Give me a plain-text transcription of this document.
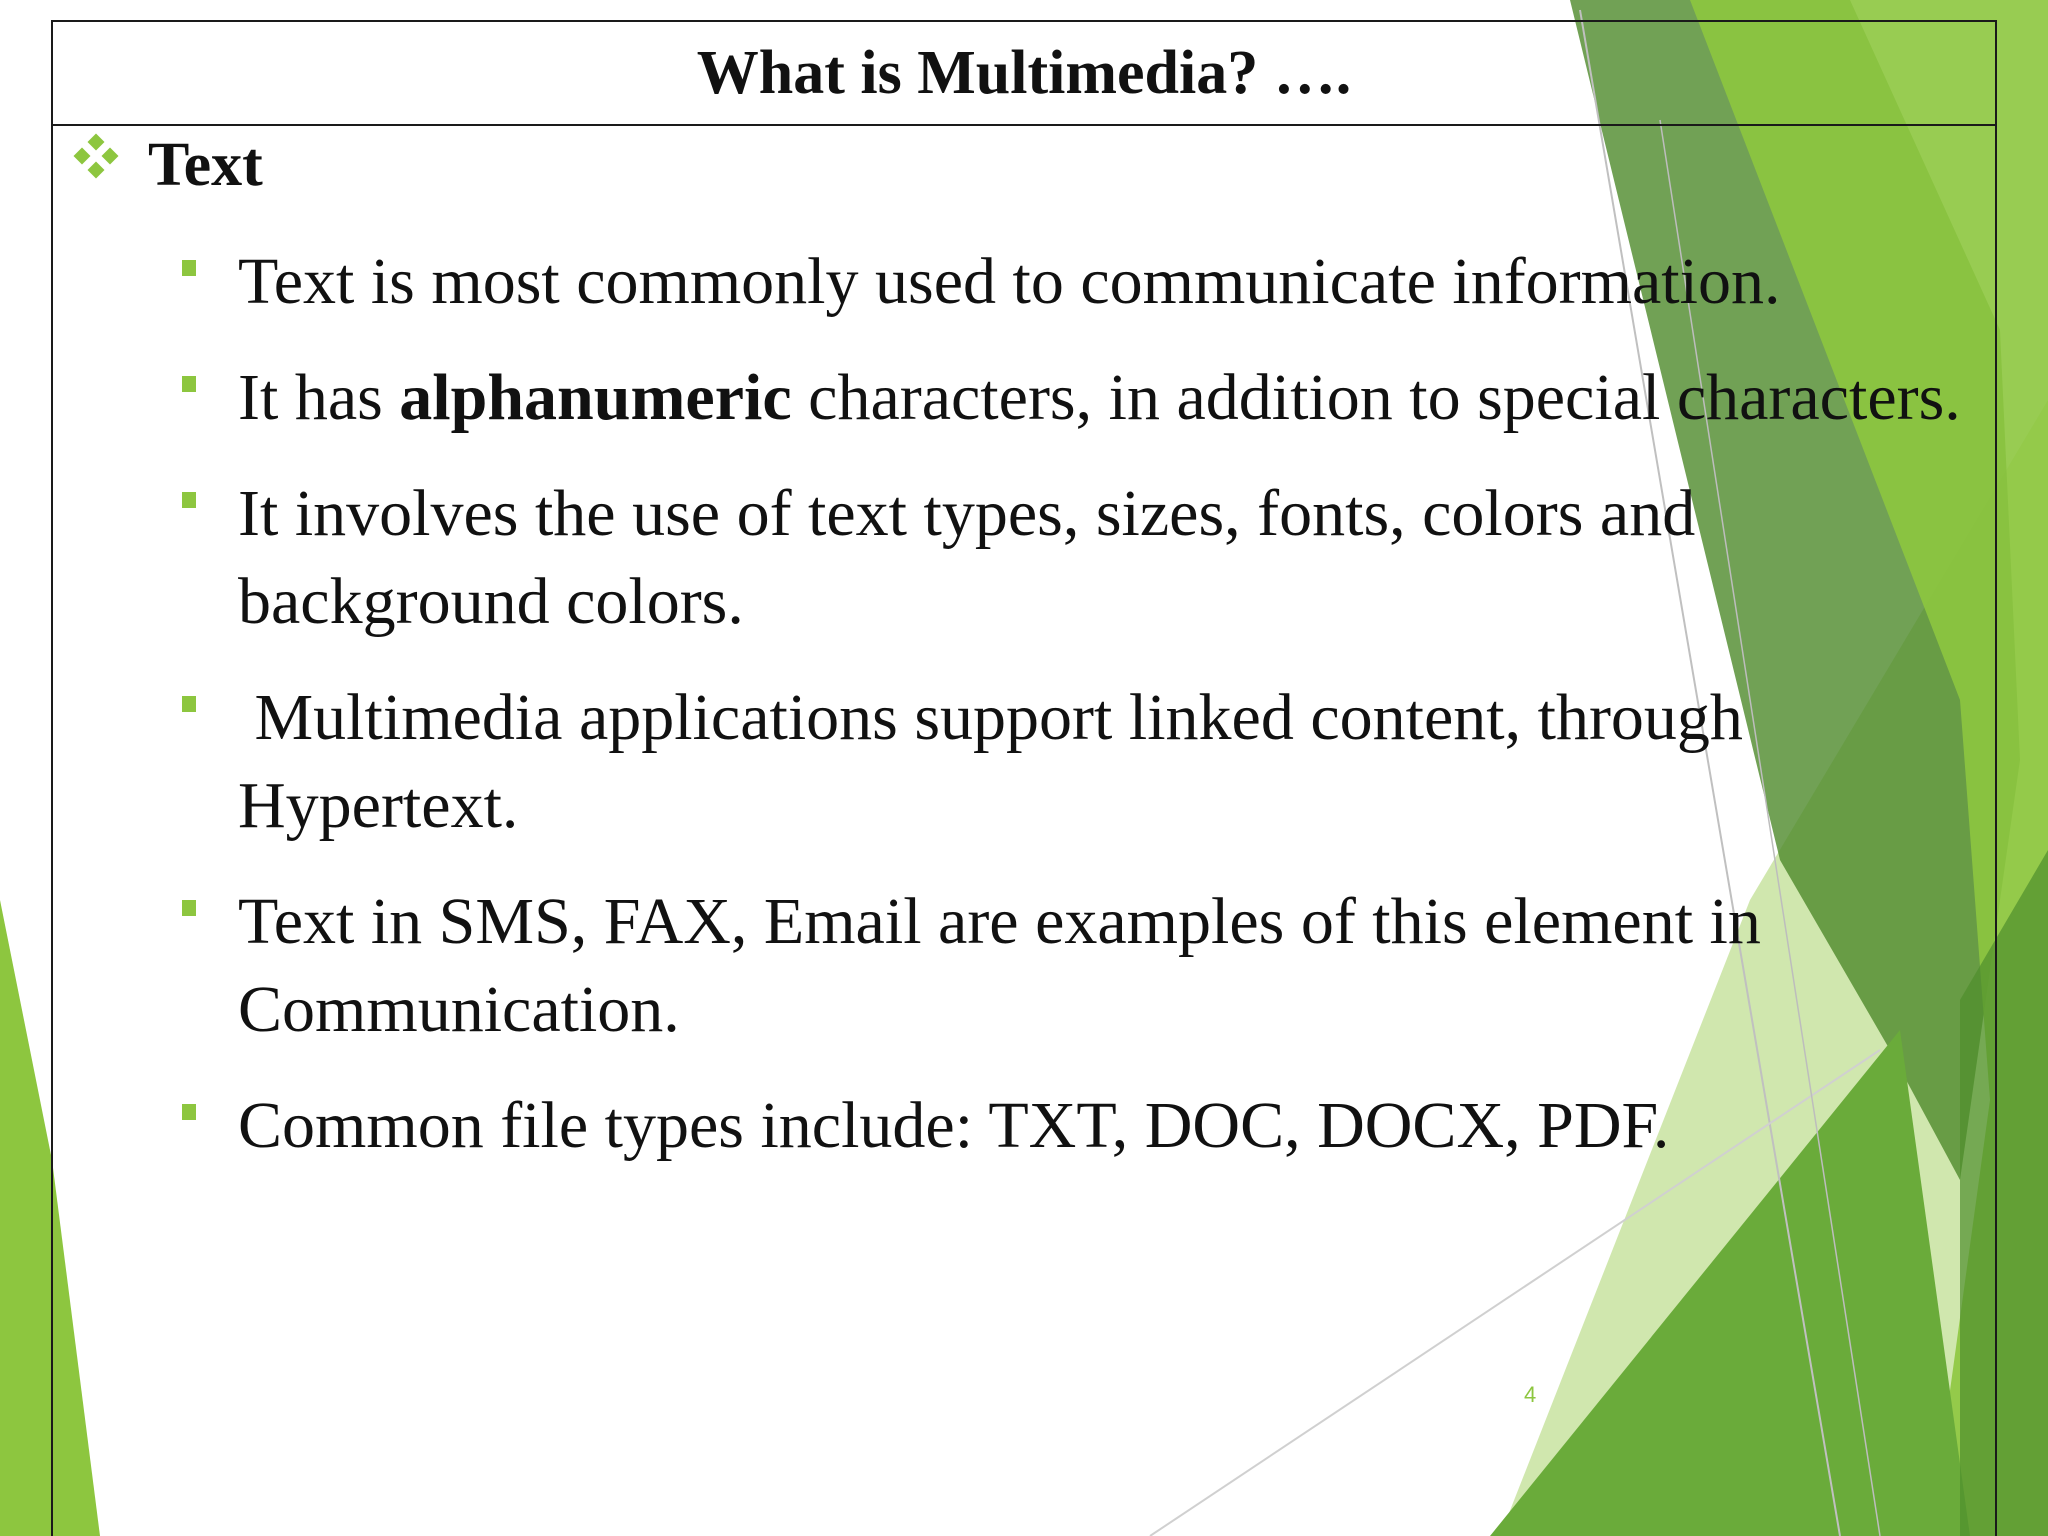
What is Multimedia? ….
Text
Text is most commonly used to communicate information.
It has alphanumeric characters, in addition to special characters.
It involves the use of text types, sizes, fonts, colors and background colors.
Multimedia applications support linked content, through Hypertext.
Text in SMS, FAX, Email are examples of this element in Communication.
Common file types include: TXT, DOC, DOCX, PDF.
4
